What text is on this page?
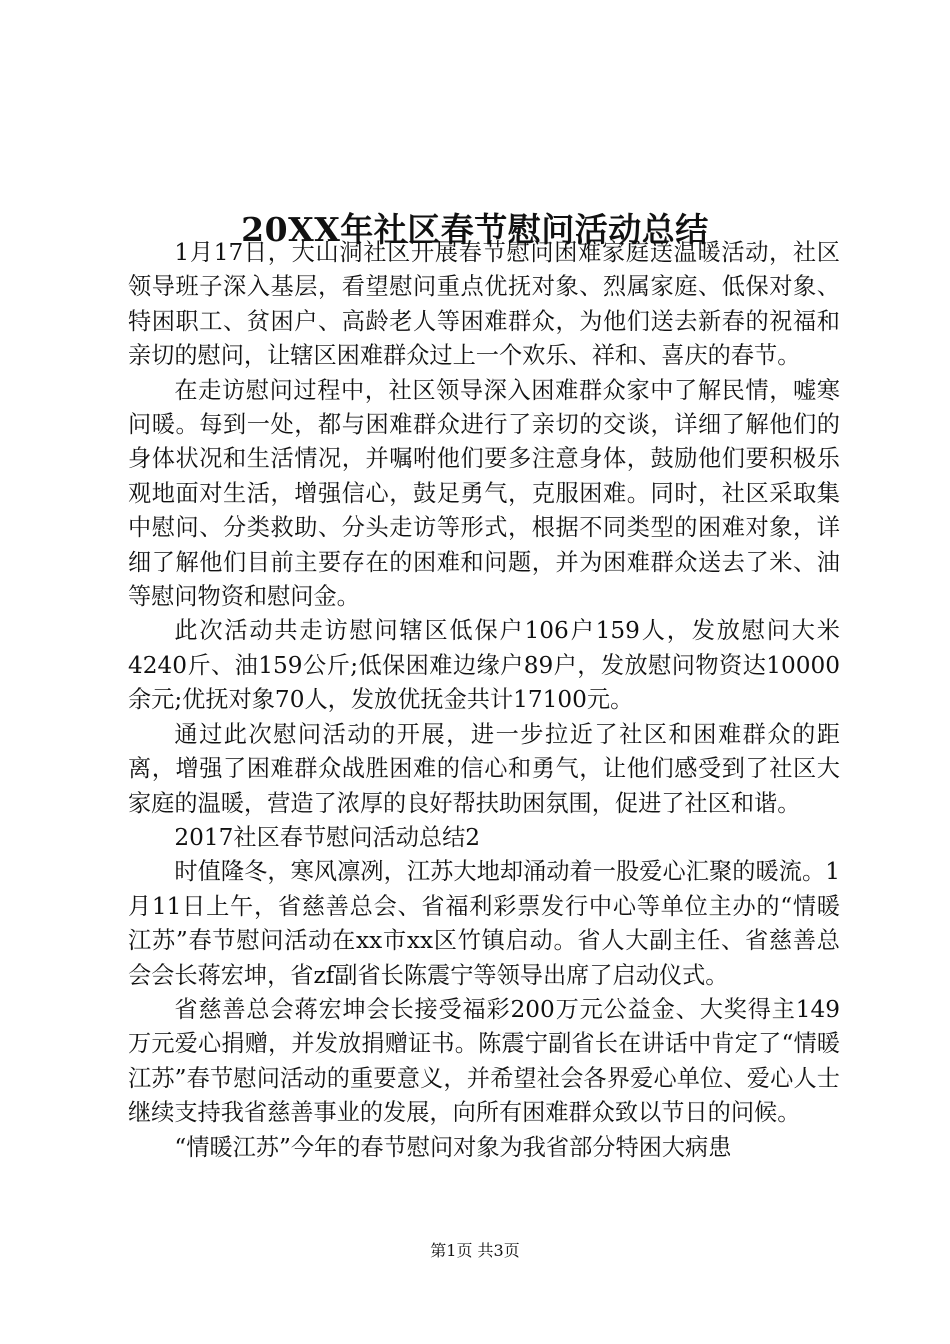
20XX年社区春节慰问活动总结

1月17日，大山洞社区开展春节慰问困难家庭送温暖活动，社区领导班子深入基层，看望慰问重点优抚对象、烈属家庭、低保对象、特困职工、贫困户、高龄老人等困难群众，为他们送去新春的祝福和亲切的慰问，让辖区困难群众过上一个欢乐、祥和、喜庆的春节。

在走访慰问过程中，社区领导深入困难群众家中了解民情，嘘寒问暖。每到一处，都与困难群众进行了亲切的交谈，详细了解他们的身体状况和生活情况，并嘱咐他们要多注意身体，鼓励他们要积极乐观地面对生活，增强信心，鼓足勇气，克服困难。同时，社区采取集中慰问、分类救助、分头走访等形式，根据不同类型的困难对象，详细了解他们目前主要存在的困难和问题，并为困难群众送去了米、油等慰问物资和慰问金。

此次活动共走访慰问辖区低保户106户159人，发放慰问大米4240斤、油159公斤;低保困难边缘户89户，发放慰问物资达10000余元;优抚对象70人，发放优抚金共计17100元。

通过此次慰问活动的开展，进一步拉近了社区和困难群众的距离，增强了困难群众战胜困难的信心和勇气，让他们感受到了社区大家庭的温暖，营造了浓厚的良好帮扶助困氛围，促进了社区和谐。

2017社区春节慰问活动总结2

时值隆冬，寒风凛冽，江苏大地却涌动着一股爱心汇聚的暖流。1月11日上午，省慈善总会、省福利彩票发行中心等单位主办的“情暖江苏”春节慰问活动在xx市xx区竹镇启动。省人大副主任、省慈善总会会长蒋宏坤，省zf副省长陈震宁等领导出席了启动仪式。

省慈善总会蒋宏坤会长接受福彩200万元公益金、大奖得主149万元爱心捐赠，并发放捐赠证书。陈震宁副省长在讲话中肯定了“情暖江苏”春节慰问活动的重要意义，并希望社会各界爱心单位、爱心人士继续支持我省慈善事业的发展，向所有困难群众致以节日的问候。

“情暖江苏”今年的春节慰问对象为我省部分特困大病患

第1页 共3页
